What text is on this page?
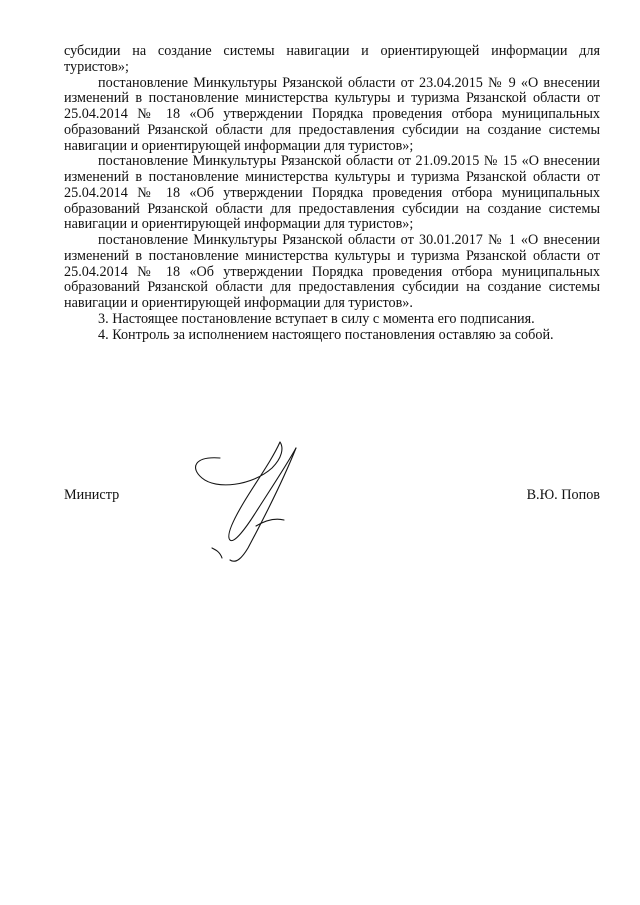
субсидии на создание системы навигации и ориентирующей информации для туристов»;

постановление Минкультуры Рязанской области от 23.04.2015 № 9 «О внесении изменений в постановление министерства культуры и туризма Рязанской области от 25.04.2014 № 18 «Об утверждении Порядка проведения отбора муниципальных образований Рязанской области для предоставления субсидии на создание системы навигации и ориентирующей информации для туристов»;

постановление Минкультуры Рязанской области от 21.09.2015 № 15 «О внесении изменений в постановление министерства культуры и туризма Рязанской области от 25.04.2014 № 18 «Об утверждении Порядка проведения отбора муниципальных образований Рязанской области для предоставления субсидии на создание системы навигации и ориентирующей информации для туристов»;

постановление Минкультуры Рязанской области от 30.01.2017 № 1 «О внесении изменений в постановление министерства культуры и туризма Рязанской области от 25.04.2014 № 18 «Об утверждении Порядка проведения отбора муниципальных образований Рязанской области для предоставления субсидии на создание системы навигации и ориентирующей информации для туристов».

3. Настоящее постановление вступает в силу с момента его подписания.

4. Контроль за исполнением настоящего постановления оставляю за собой.

Министр	В.Ю. Попов
